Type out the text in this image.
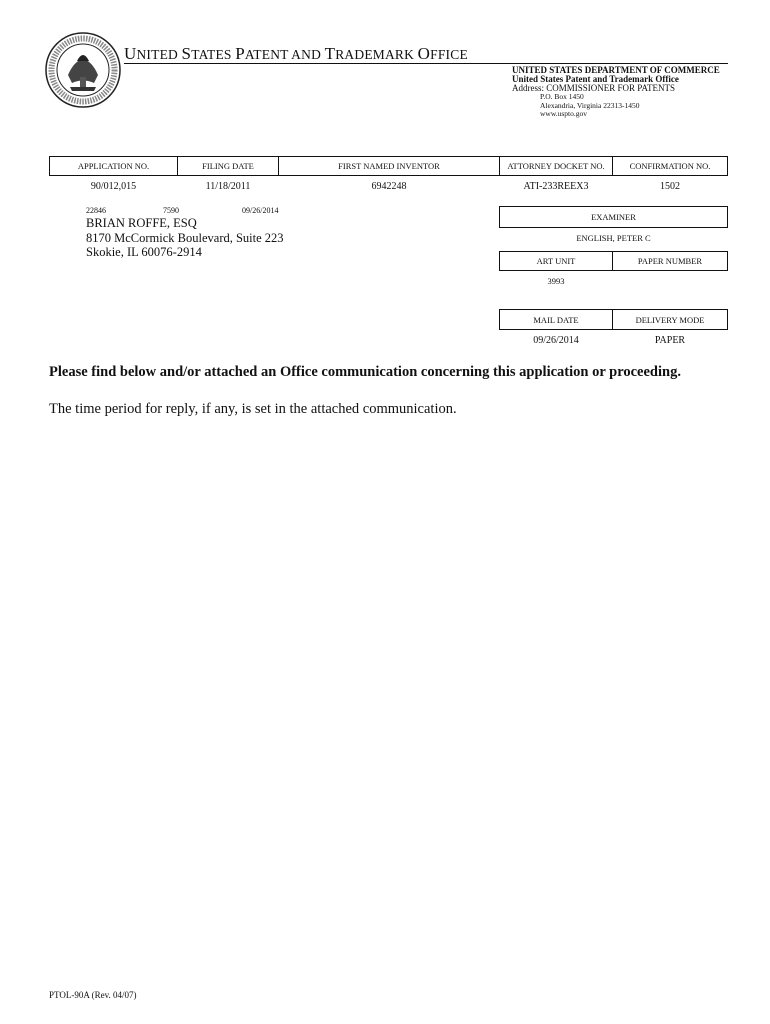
UNITED STATES PATENT AND TRADEMARK OFFICE
UNITED STATES DEPARTMENT OF COMMERCE
United States Patent and Trademark Office
Address: COMMISSIONER FOR PATENTS
P.O. Box 1450
Alexandria, Virginia 22313-1450
www.uspto.gov
APPLICATION NO.	FILING DATE	FIRST NAMED INVENTOR	ATTORNEY DOCKET NO.	CONFIRMATION NO.
90/012,015	11/18/2011	6942248	ATI-233REEX3	1502
22846	7590	09/26/2014
BRIAN ROFFE, ESQ
8170 McCormick Boulevard, Suite 223
Skokie, IL 60076-2914
EXAMINER
ENGLISH, PETER C
ART UNIT	PAPER NUMBER
3993
MAIL DATE	DELIVERY MODE
09/26/2014	PAPER
Please find below and/or attached an Office communication concerning this application or proceeding.
The time period for reply, if any, is set in the attached communication.
PTOL-90A (Rev. 04/07)
